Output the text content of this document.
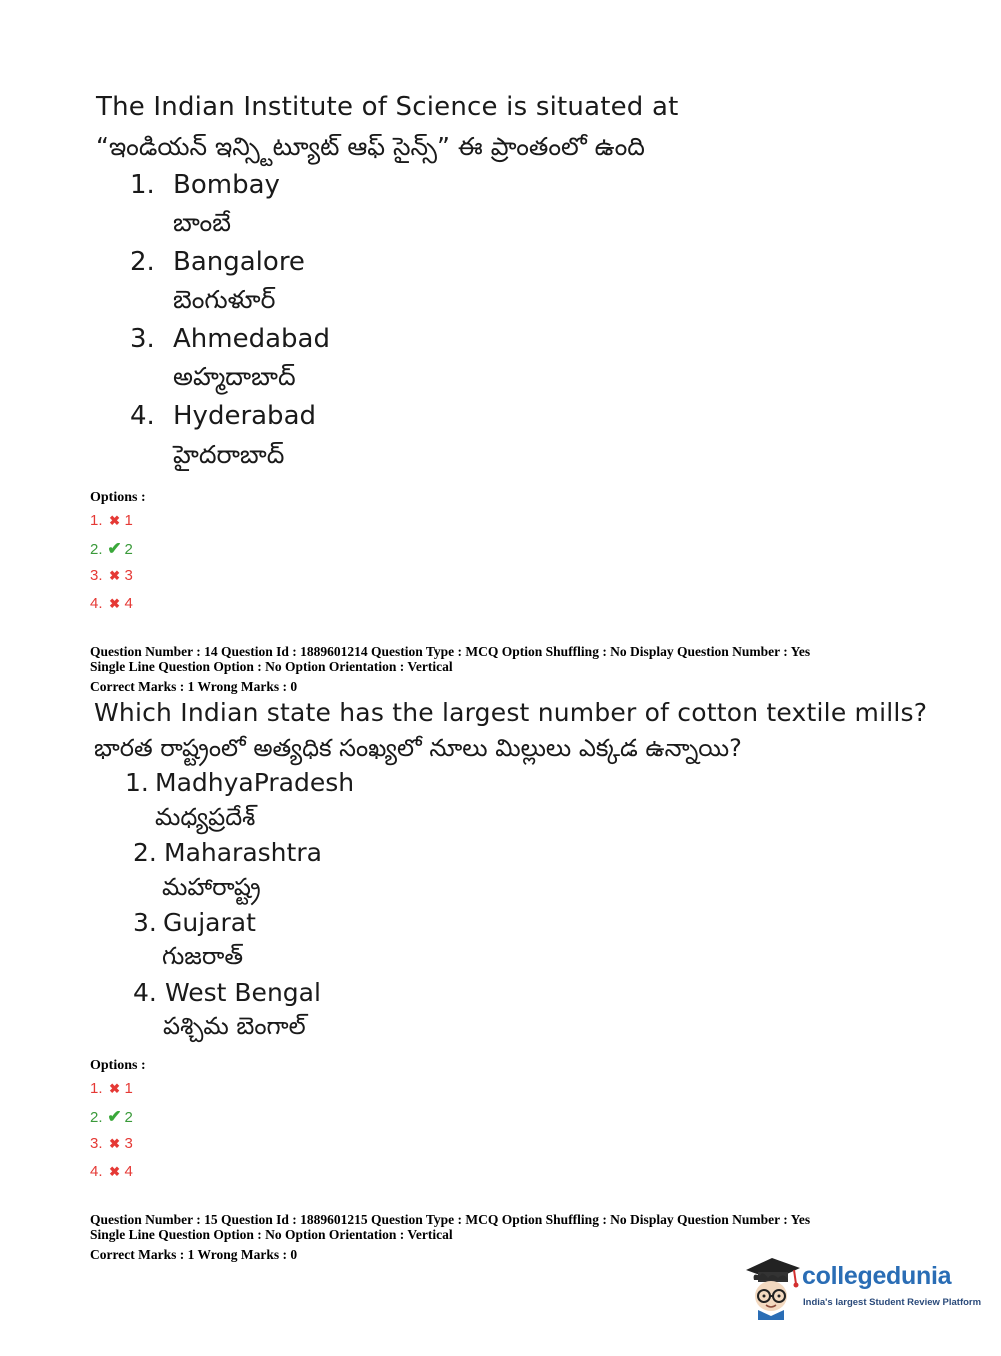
The Indian Institute of Science is situated at
“ఇండియన్ ఇన్స్టిట్యూట్ ఆఫ్ సైన్స్” ఈ ప్రాంతంలో ఉంది
1. Bombay
బాంబే
2. Bangalore
బెంగుళూర్
3. Ahmedabad
అహ్మదాబాద్
4. Hyderabad
హైదరాబాద్
Options :
1. ✖ 1
2. ✔ 2
3. ✖ 3
4. ✖ 4
Question Number : 14 Question Id : 1889601214 Question Type : MCQ Option Shuffling : No Display Question Number : Yes
Single Line Question Option : No Option Orientation : Vertical
Correct Marks : 1 Wrong Marks : 0
Which Indian state has the largest number of cotton textile mills?
భారత రాష్ట్రంలో అత్యధిక సంఖ్యలో నూలు మిల్లులు ఎక్కడ ఉన్నాయి?
1. MadhyaPradesh
మధ్యప్రదేశ్
2. Maharashtra
మహారాష్ట్ర
3. Gujarat
గుజరాత్
4. West Bengal
పశ్చిమ బెంగాల్
Options :
1. ✖ 1
2. ✔ 2
3. ✖ 3
4. ✖ 4
Question Number : 15 Question Id : 1889601215 Question Type : MCQ Option Shuffling : No Display Question Number : Yes
Single Line Question Option : No Option Orientation : Vertical
Correct Marks : 1 Wrong Marks : 0
collegedunia
India's largest Student Review Platform
